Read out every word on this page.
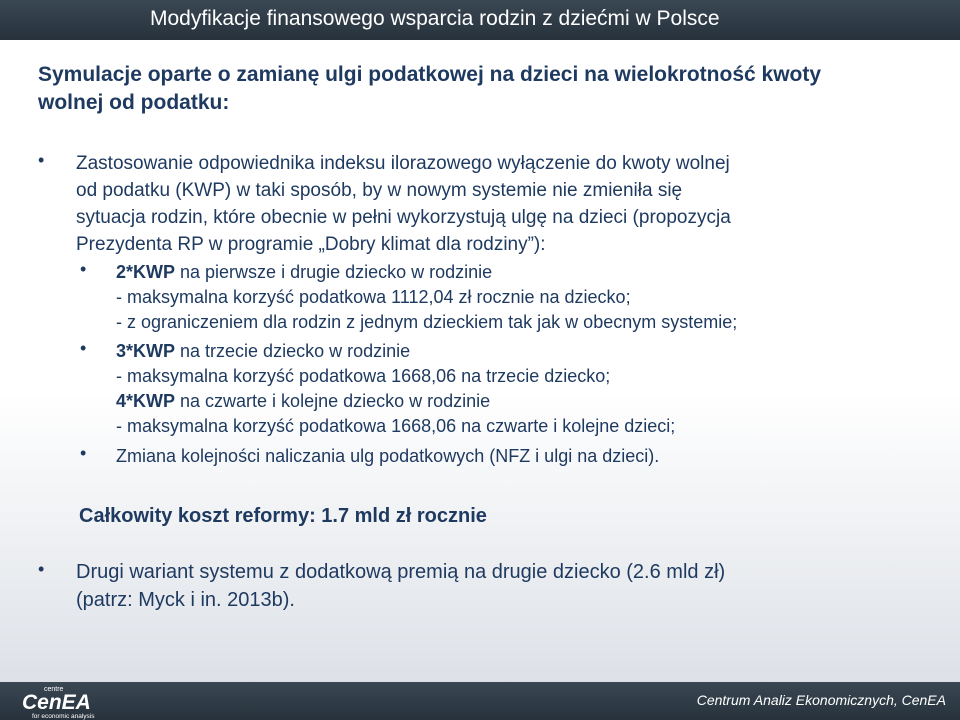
Modyfikacje finansowego wsparcia rodzin z dziećmi w Polsce
Symulacje oparte o zamianę ulgi podatkowej na dzieci na wielokrotność kwoty
wolnej od podatku:
• Zastosowanie odpowiednika indeksu ilorazowego wyłączenie do kwoty wolnej
od podatku (KWP) w taki sposób, by w nowym systemie nie zmieniła się
sytuacja rodzin, które obecnie w pełni wykorzystują ulgę na dzieci (propozycja
Prezydenta RP w programie „Dobry klimat dla rodziny”):
• 2*KWP na pierwsze i drugie dziecko w rodzinie
- maksymalna korzyść podatkowa 1112,04 zł rocznie na dziecko;
- z ograniczeniem dla rodzin z jednym dzieckiem tak jak w obecnym systemie;
• 3*KWP na trzecie dziecko w rodzinie
- maksymalna korzyść podatkowa 1668,06 na trzecie dziecko;
4*KWP na czwarte i kolejne dziecko w rodzinie
- maksymalna korzyść podatkowa 1668,06 na czwarte i kolejne dzieci;
• Zmiana kolejności naliczania ulg podatkowych (NFZ i ulgi na dzieci).
Całkowity koszt reformy: 1.7 mld zł rocznie
• Drugi wariant systemu z dodatkową premią na drugie dziecko (2.6 mld zł)
(patrz: Myck i in. 2013b).
centre
CenEA
for economic analysis
Centrum Analiz Ekonomicznych, CenEA
